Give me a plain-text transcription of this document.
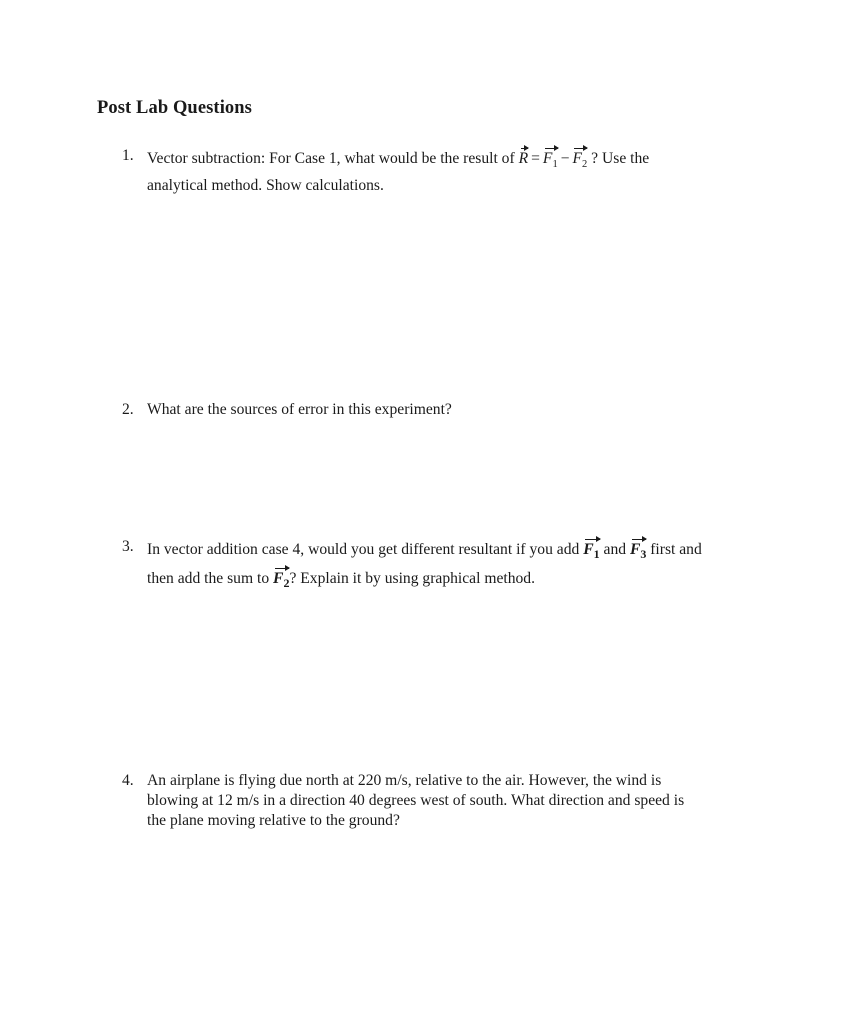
Post Lab Questions
1. Vector subtraction: For Case 1, what would be the result of $R = F_1 - F_2$ ? Use the
analytical method. Show calculations.
2. What are the sources of error in this experiment?
3. In vector addition case 4, would you get different resultant if you add $F_1$ and $F_3$ first and
then add the sum to $F_2$? Explain it by using graphical method.
4. An airplane is flying due north at 220 m/s, relative to the air. However, the wind is
blowing at 12 m/s in a direction 40 degrees west of south. What direction and speed is
the plane moving relative to the ground?
